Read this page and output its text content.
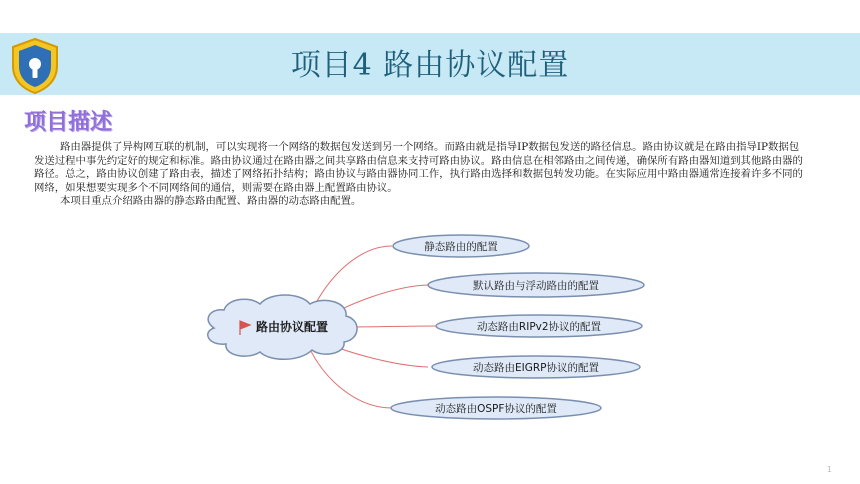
项目4 路由协议配置
项目描述

路由器提供了异构网互联的机制，可以实现将一个网络的数据包发送到另一个网络。而路由就是指导IP数据包发送的路径信息。路由协议就是在路由指导IP数据包发送过程中事先约定好的规定和标准。路由协议通过在路由器之间共享路由信息来支持可路由协议。路由信息在相邻路由之间传递，确保所有路由器知道到其他路由器的路径。总之，路由协议创建了路由表，描述了网络拓扑结构；路由协议与路由器协同工作，执行路由选择和数据包转发功能。在实际应用中路由器通常连接着许多不同的网络，如果想要实现多个不同网络间的通信，则需要在路由器上配置路由协议。

本项目重点介绍路由器的静态路由配置、路由器的动态路由配置。

路由协议配置
静态路由的配置
默认路由与浮动路由的配置
动态路由RIPv2协议的配置
动态路由EIGRP协议的配置
动态路由OSPF协议的配置
1
